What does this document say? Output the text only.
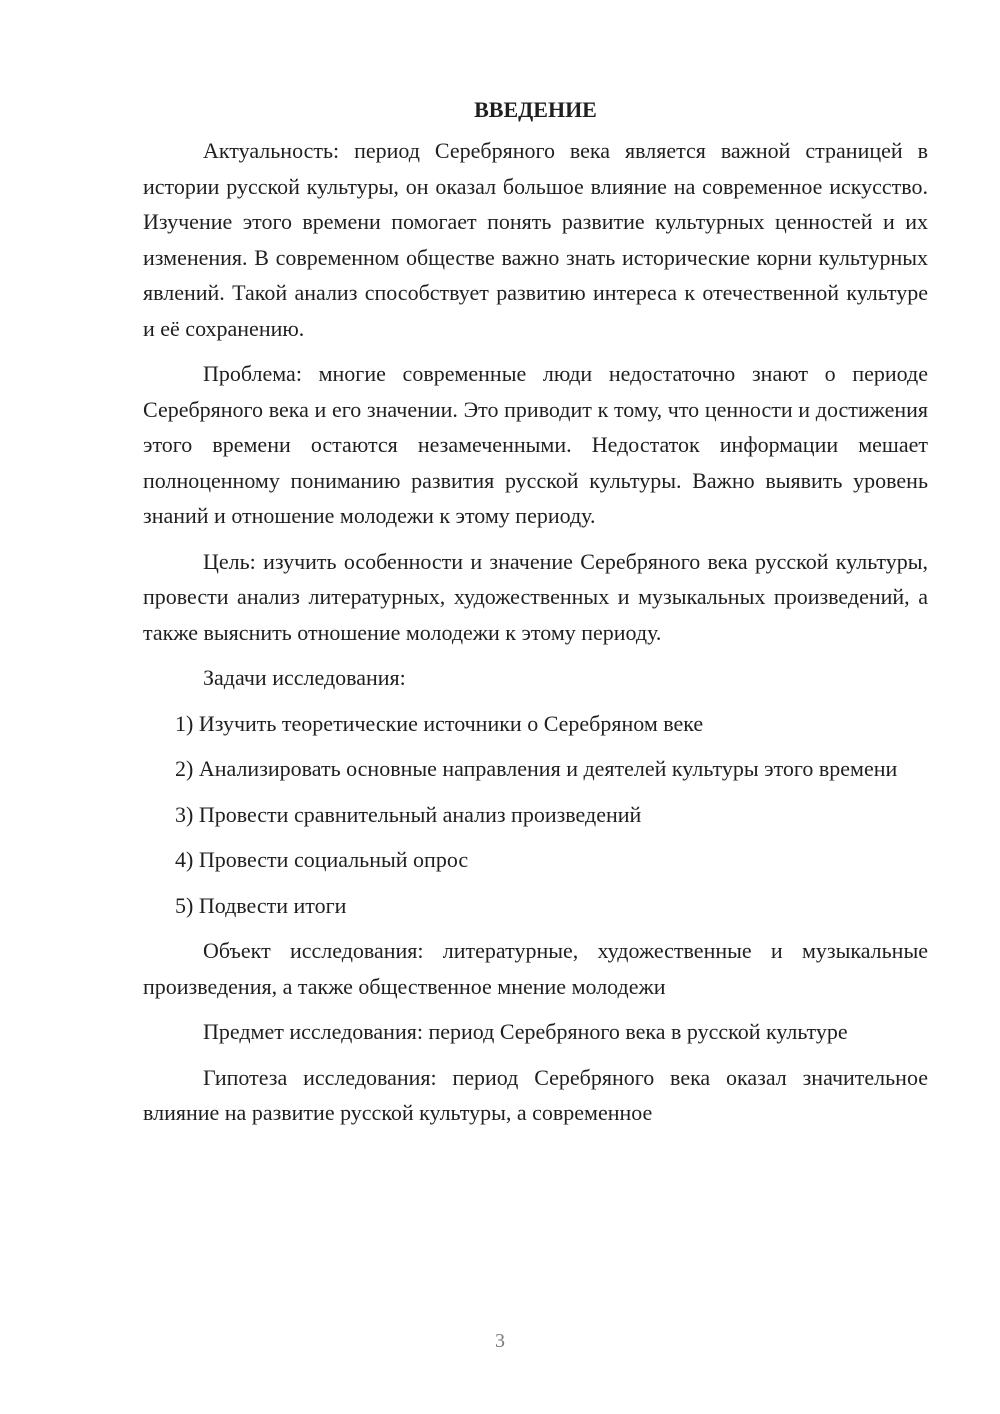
ВВЕДЕНИЕ

Актуальность: период Серебряного века является важной страницей в истории русской культуры, он оказал большое влияние на современное искусство. Изучение этого времени помогает понять развитие культурных ценностей и их изменения. В современном обществе важно знать исторические корни культурных явлений. Такой анализ способствует развитию интереса к отечественной культуре и её сохранению.

Проблема: многие современные люди недостаточно знают о периоде Серебряного века и его значении. Это приводит к тому, что ценности и достижения этого времени остаются незамеченными. Недостаток информации мешает полноценному пониманию развития русской культуры. Важно выявить уровень знаний и отношение молодежи к этому периоду.

Цель: изучить особенности и значение Серебряного века русской культуры, провести анализ литературных, художественных и музыкальных произведений, а также выяснить отношение молодежи к этому периоду.

Задачи исследования:

1) Изучить теоретические источники о Серебряном веке

2) Анализировать основные направления и деятелей культуры этого времени

3) Провести сравнительный анализ произведений

4) Провести социальный опрос

5) Подвести итоги

Объект исследования: литературные, художественные и музыкальные произведения, а также общественное мнение молодежи

Предмет исследования: период Серебряного века в русской культуре

Гипотеза исследования: период Серебряного века оказал значительное влияние на развитие русской культуры, а современное

3
